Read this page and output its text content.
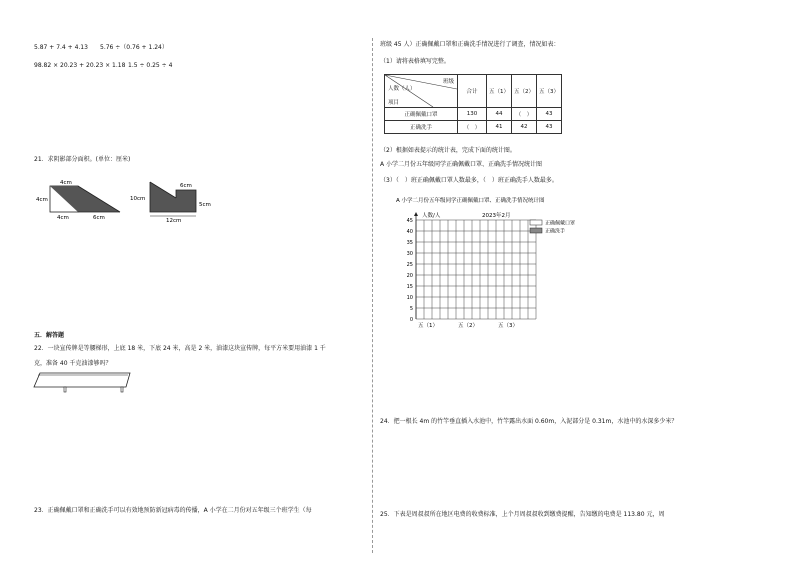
5.87 + 7.4 + 4.13 5.76 ÷（0.76 + 1.24）
98.82 × 20.23 + 20.23 × 1.18 1.5 ÷ 0.25 ÷ 4
21．求阴影部分面积。(单位：厘米)
4cm
4cm
4cm	6cm
6cm
10cm
5cm
12cm
五．解答题
22．一块宣传牌是等腰梯形，上底 18 米，下底 24 米，高是 2 米，油漆这块宣传牌，每平方米要用油漆 1 千
克，准备 40 千克油漆够吗？
23．正确佩戴口罩和正确洗手可以有效地预防新冠病毒的传播，A 小学在二月份对五年级三个班学生（每
班级 45 人）正确佩戴口罩和正确洗手情况进行了调查，情况如表：
（1）请将表格填写完整。
班级
人数（人）
项目	合计	五（1）	五（2）	五（3）
正确佩戴口罩	130	44	（　）	43
正确洗手	（　）	41	42	43
（2）根据如表提示的统计表，完成下面的统计图。
A 小学二月份五年级同学正确佩戴口罩、正确洗手情况统计图
（3）（　）班正确佩戴口罩人数最多，（　）班正确洗手人数最多。
A 小学二月份五年级同学正确佩戴口罩、正确洗手情况统计图
人数/人	2023年2月
0
5
10
15
20
25
30
35
40
45
五（1）	五（2）	五（3）
正确佩戴口罩
正确洗手
24．把一根长 4m 的竹竿垂直插入水池中，竹竿露出水面 0.60m，入泥部分是 0.31m，水池中的水深多少米？
25．下表是周叔叔所在地区电费的收费标准，上个月周叔叔收到缴费提醒，告知缴的电费是 113.80 元，周
